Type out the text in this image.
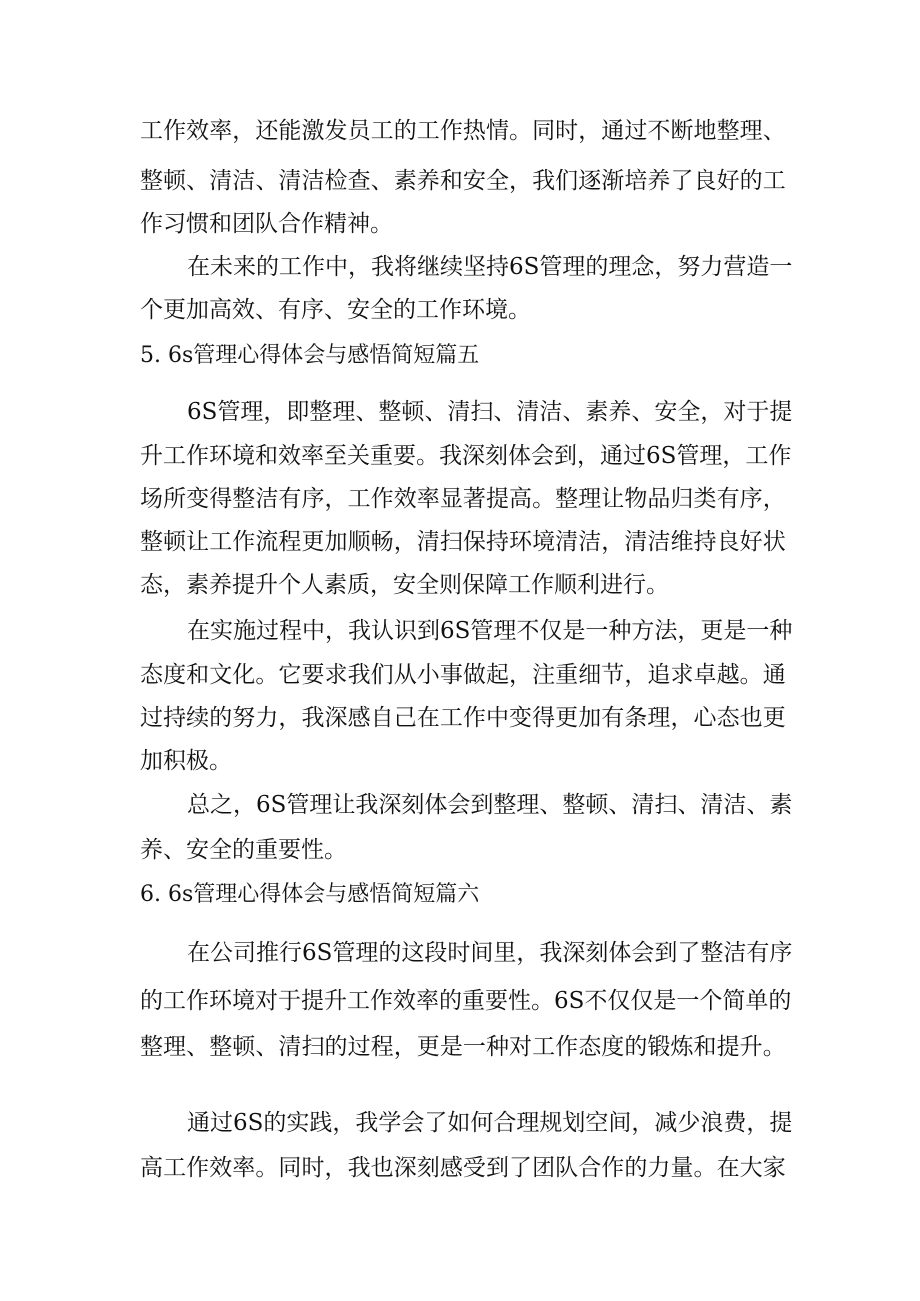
工 作 效 率 ， 还 能 激 发 员 工 的 工 作 热 情 。 同 时 ， 通 过 不 断 地 整 理 、

整 顿 、 清 洁 、 清 洁 检 查 、 素 养 和 安 全 ， 我 们 逐 渐 培 养 了 良 好 的 工

作习惯和团队合作精神。

在 未 来 的 工 作 中 ， 我 将 继 续 坚 持 6S 管 理 的 理 念 ， 努 力 营 造 一

个更加高效、有序、安全的工作环境。

5. 6s管理心得体会与感悟简短篇五

6S 管 理 ， 即 整 理 、 整 顿 、 清 扫 、 清 洁 、 素 养 、 安 全 ， 对 于 提

升 工 作 环 境 和 效 率 至 关 重 要 。 我 深 刻 体 会 到 ， 通 过 6S 管 理 ， 工 作

场 所 变 得 整 洁 有 序 ， 工 作 效 率 显 著 提 高 。 整 理 让 物 品 归 类 有 序 ，

整 顿 让 工 作 流 程 更 加 顺 畅 ， 清 扫 保 持 环 境 清 洁 ， 清 洁 维 持 良 好 状

态，素养提升个人素质，安全则保障工作顺利进行。

在 实 施 过 程 中 ， 我 认 识 到 6S 管 理 不 仅 是 一 种 方 法 ， 更 是 一 种

态 度 和 文 化 。 它 要 求 我 们 从 小 事 做 起 ， 注 重 细 节 ， 追 求 卓 越 。 通

过 持 续 的 努 力 ， 我 深 感 自 己 在 工 作 中 变 得 更 加 有 条 理 ， 心 态 也 更

加积极。

总 之 ， 6S 管 理 让 我 深 刻 体 会 到 整 理 、 整 顿 、 清 扫 、 清 洁 、 素

养、安全的重要性。

6. 6s管理心得体会与感悟简短篇六

在 公 司 推 行 6S 管 理 的 这 段 时 间 里 ， 我 深 刻 体 会 到 了 整 洁 有 序

的 工 作 环 境 对 于 提 升 工 作 效 率 的 重 要 性 。 6S 不 仅 仅 是 一 个 简 单 的

整 理 、 整 顿 、 清 扫 的 过 程 ， 更 是 一 种 对 工 作 态 度 的 锻 炼 和 提 升 。

通 过 6S 的 实 践 ， 我 学 会 了 如 何 合 理 规 划 空 间 ， 减 少 浪 费 ， 提

高 工 作 效 率 。 同 时 ， 我 也 深 刻 感 受 到 了 团 队 合 作 的 力 量 。 在 大 家
